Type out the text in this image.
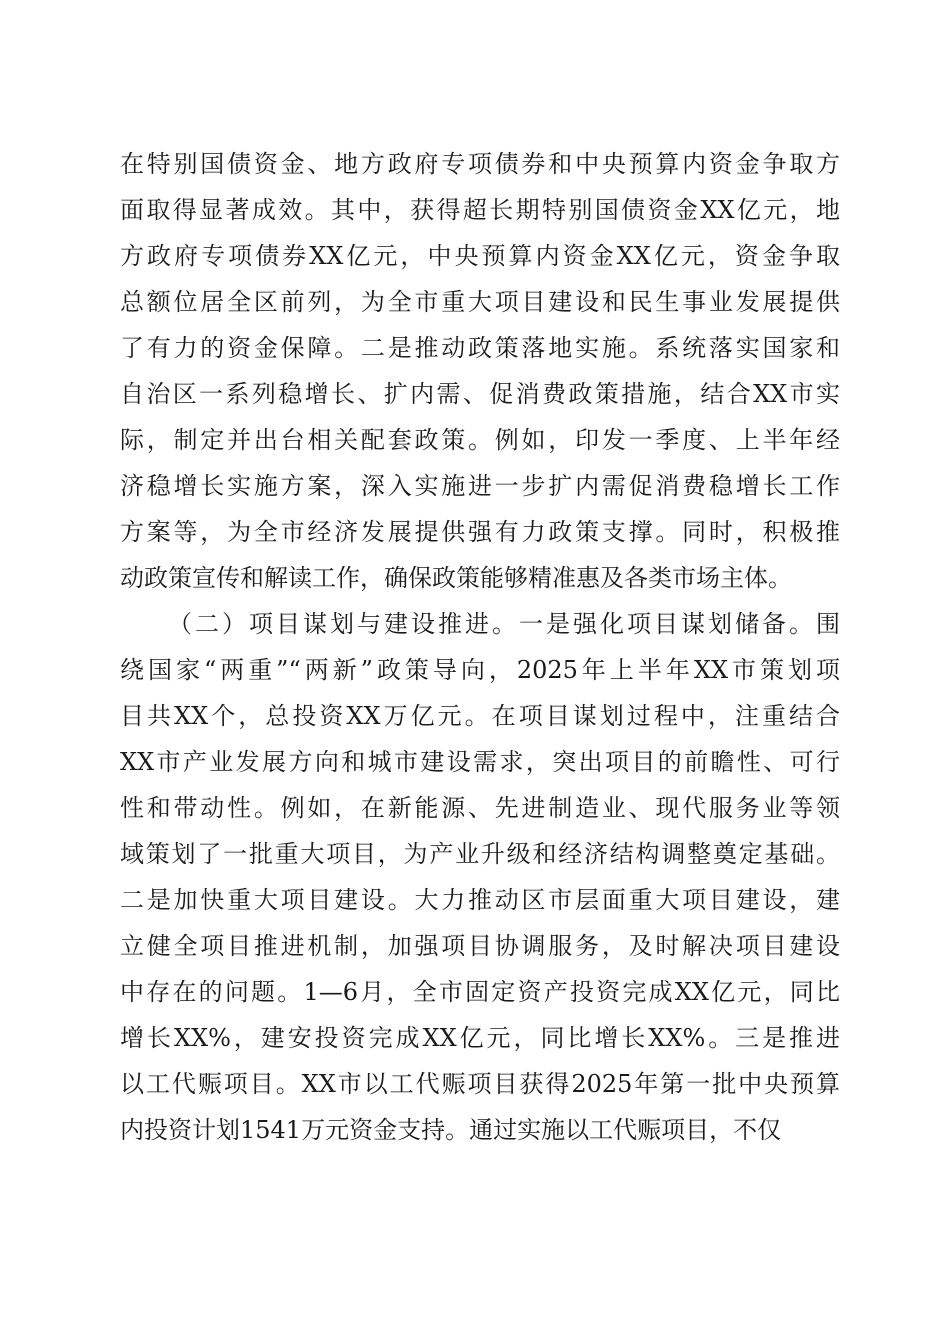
在特别国债资金、地方政府专项债券和中央预算内资金争取方
面取得显著成效。其中，获得超长期特别国债资金XX亿元，地
方政府专项债券XX亿元，中央预算内资金XX亿元，资金争取
总额位居全区前列，为全市重大项目建设和民生事业发展提供
了有力的资金保障。二是推动政策落地实施。系统落实国家和
自治区一系列稳增长、扩内需、促消费政策措施，结合XX市实
际，制定并出台相关配套政策。例如，印发一季度、上半年经
济稳增长实施方案，深入实施进一步扩内需促消费稳增长工作
方案等，为全市经济发展提供强有力政策支撑。同时，积极推
动政策宣传和解读工作，确保政策能够精准惠及各类市场主体。
（二）项目谋划与建设推进。一是强化项目谋划储备。围
绕国家“两重”“两新”政策导向，2025年上半年XX市策划项
目共XX个，总投资XX万亿元。在项目谋划过程中，注重结合
XX市产业发展方向和城市建设需求，突出项目的前瞻性、可行
性和带动性。例如，在新能源、先进制造业、现代服务业等领
域策划了一批重大项目，为产业升级和经济结构调整奠定基础。
二是加快重大项目建设。大力推动区市层面重大项目建设，建
立健全项目推进机制，加强项目协调服务，及时解决项目建设
中存在的问题。1—6月，全市固定资产投资完成XX亿元，同比
增长XX%，建安投资完成XX亿元，同比增长XX%。三是推进
以工代赈项目。XX市以工代赈项目获得2025年第一批中央预算
内投资计划1541万元资金支持。通过实施以工代赈项目，不仅
